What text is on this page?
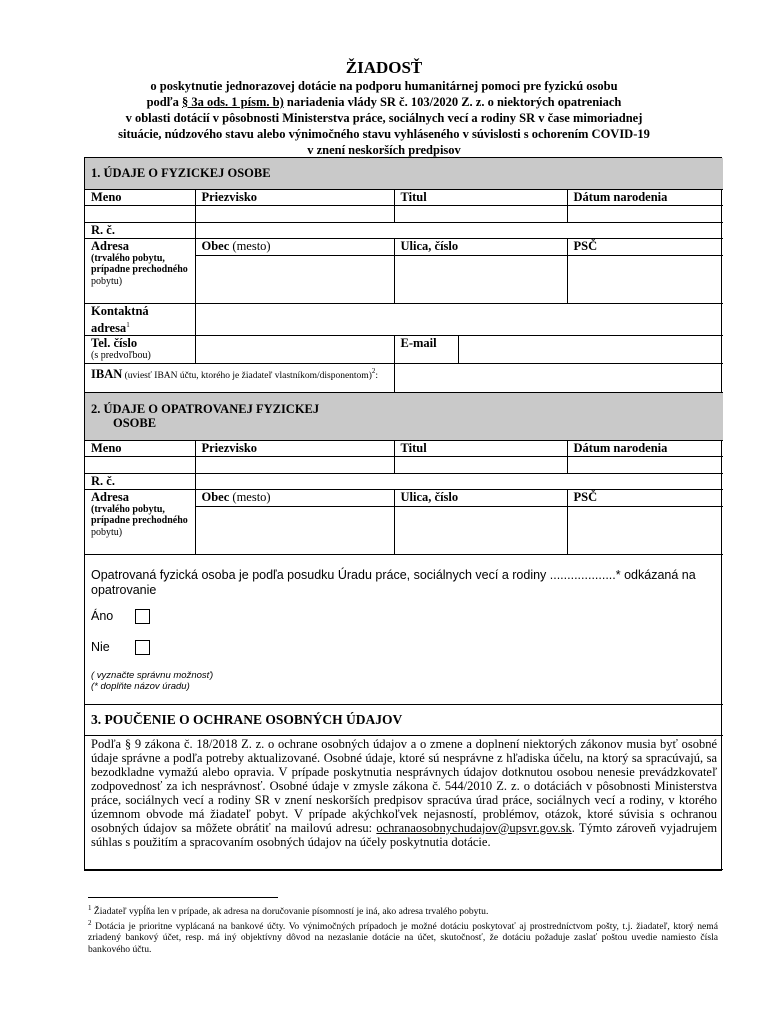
ŽIADOSŤ
o poskytnutie jednorazovej dotácie na podporu humanitárnej pomoci pre fyzickú osobu
podľa § 3a ods. 1 písm. b) nariadenia vlády SR č. 103/2020 Z. z. o niektorých opatreniach
v oblasti dotácií v pôsobnosti Ministerstva práce, sociálnych vecí a rodiny SR v čase mimoriadnej
situácie, núdzového stavu alebo výnimočného stavu vyhláseného v súvislosti s ochorením COVID-19
v znení neskorších predpisov
1. ÚDAJE O FYZICKEJ OSOBE				
Meno	Priezvisko	Titul		Dátum narodenia

R. č.				

Adresa
(trvalého pobytu, prípadne prechodného
pobytu)	Obec (mesto)	Ulica, číslo		PSČ

Kontaktná adresa$^1$	

Tel. číslo
(s predvoľbou)		E-mail		
IBAN (uviesť IBAN účtu, ktorého je žiadateľ vlastníkom/disponentom)$^2$:				

2. ÚDAJE O OPATROVANEJ FYZICKEJ
OSOBE				

Meno	Priezvisko	Titul		Dátum narodenia

R. č.				

Adresa
(trvalého pobytu, prípadne prechodného
pobytu)	Obec (mesto)	Ulica, číslo		PSČ

Opatrovaná fyzická osoba je podľa posudku Úradu práce, sociálnych vecí a rodiny ...................* odkázaná na opatrovanie
Áno
Nie
( vyznačte správnu možnosť)
(* doplňte názov úradu)				

3. POUČENIE O OCHRANE OSOBNÝCH ÚDAJOV				
Podľa § 9 zákona č. 18/2018 Z. z. o ochrane osobných údajov a o zmene a doplnení niektorých zákonov musia byť osobné údaje správne a podľa potreby aktualizované. Osobné údaje, ktoré sú nesprávne z hľadiska účelu, na ktorý sa spracúvajú, sa bezodkladne vymažú alebo opravia. V prípade poskytnutia nesprávnych údajov dotknutou osobou nenesie prevádzkovateľ zodpovednosť za ich nesprávnosť. Osobné údaje v zmysle zákona č. 544/2010 Z. z. o dotáciách v pôsobnosti Ministerstva práce, sociálnych vecí a rodiny SR v znení neskorších predpisov spracúva úrad práce, sociálnych vecí a rodiny, v ktorého územnom obvode má žiadateľ pobyt. V prípade akýchkoľvek nejasností, problémov, otázok, ktoré súvisia s ochranou osobných údajov sa môžete obrátiť na mailovú adresu: ochranaosobnychudajov@upsvr.gov.sk. Týmto zároveň vyjadrujem súhlas s použitím a spracovaním osobných údajov na účely poskytnutia dotácie.				
$^1$ Žiadateľ vypĺňa len v prípade, ak adresa na doručovanie písomností je iná, ako adresa trvalého pobytu.
$^2$ Dotácia je prioritne vyplácaná na bankové účty. Vo výnimočných prípadoch je možné dotáciu poskytovať aj prostredníctvom pošty, t.j. žiadateľ, ktorý nemá zriadený bankový účet, resp. má iný objektívny dôvod na nezaslanie dotácie na účet, skutočnosť, že dotáciu požaduje zaslať poštou uvedie namiesto čísla bankového účtu.
